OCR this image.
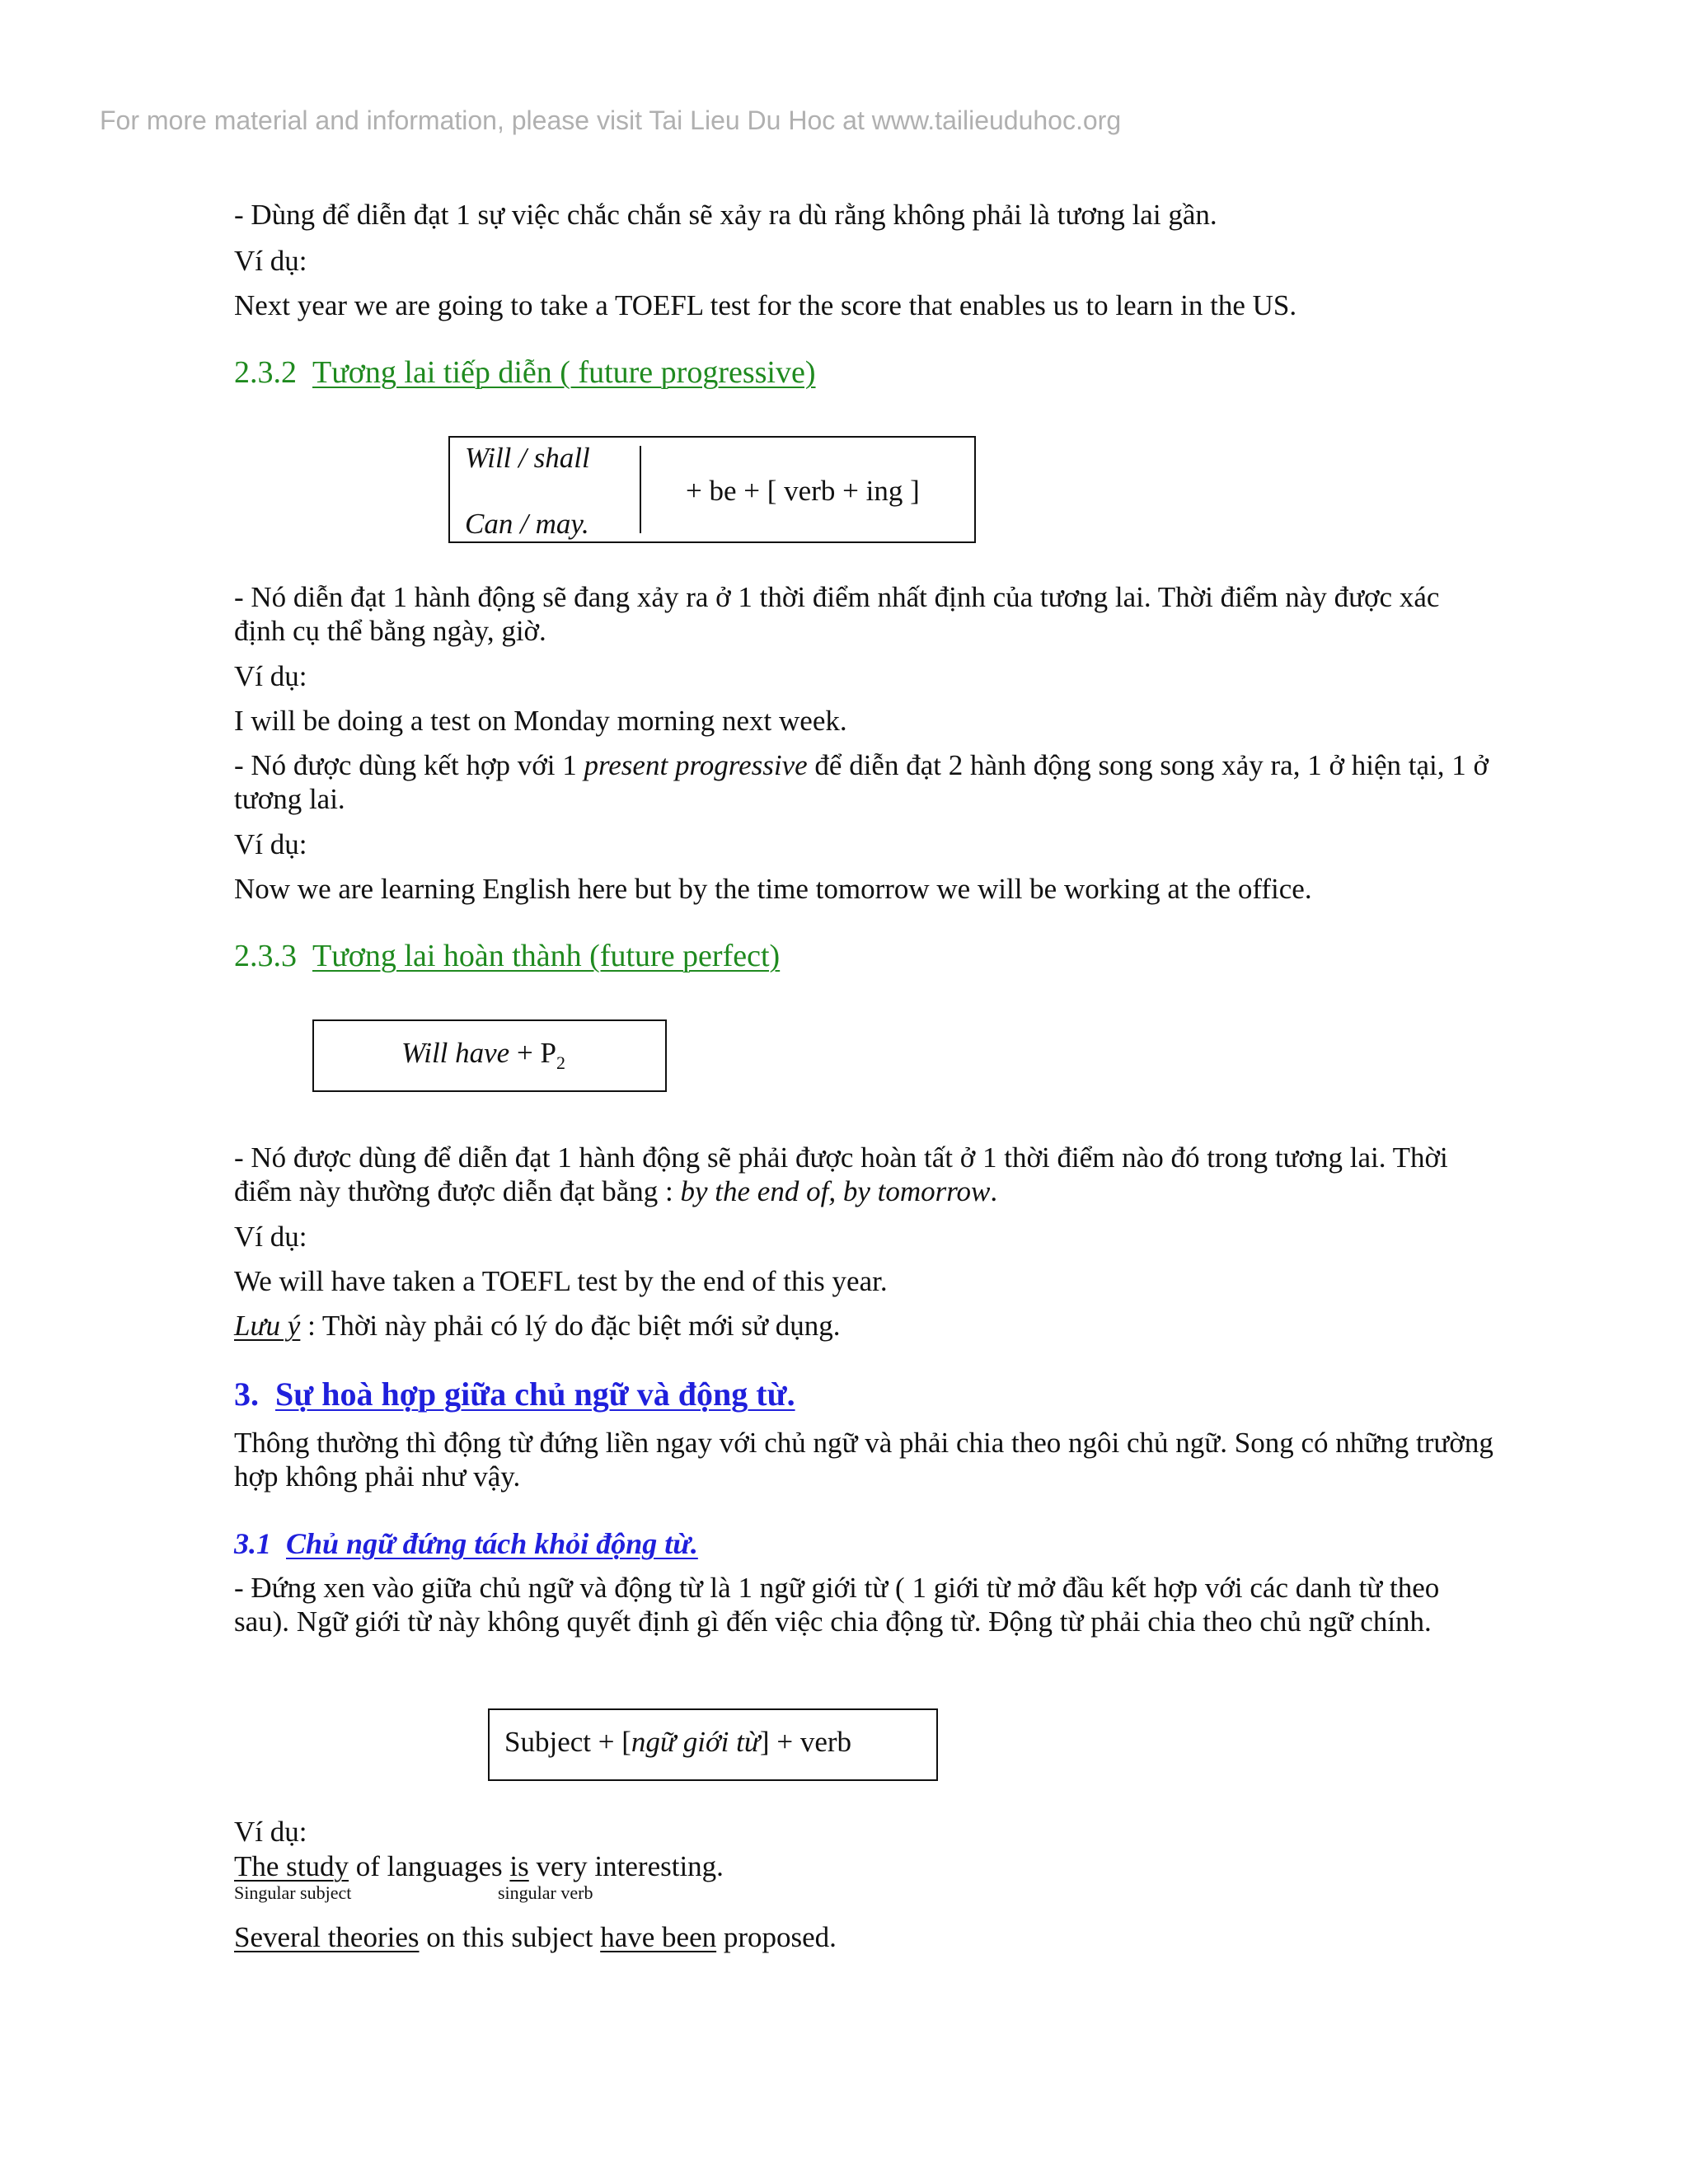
For more material and information, please visit Tai Lieu Du Hoc at www.tailieuduhoc.org
- Dùng để diễn đạt 1 sự việc chắc chắn sẽ xảy ra dù rằng không phải là tương lai gần.
Ví dụ:
Next year we are going to take a TOEFL test for the score that enables us to learn in the US.
2.3.2 Tương lai tiếp diễn ( future progressive)
Will / shall
Can / may.
+ be + [ verb + ing ]
- Nó diễn đạt 1 hành động sẽ đang xảy ra ở 1 thời điểm nhất định của tương lai. Thời điểm này được xác định cụ thể bằng ngày, giờ.
Ví dụ:
I will be doing a test on Monday morning next week.
- Nó được dùng kết hợp với 1 present progressive để diễn đạt 2 hành động song song xảy ra, 1 ở hiện tại, 1 ở tương lai.
Ví dụ:
Now we are learning English here but by the time tomorrow we will be working at the office.
2.3.3 Tương lai hoàn thành (future perfect)
Will have + $P_2$
- Nó được dùng để diễn đạt 1 hành động sẽ phải được hoàn tất ở 1 thời điểm nào đó trong tương lai. Thời điểm này thường được diễn đạt bằng : by the end of, by tomorrow.
Ví dụ:
We will have taken a TOEFL test by the end of this year.
Lưu ý : Thời này phải có lý do đặc biệt mới sử dụng.
3. Sự hoà hợp giữa chủ ngữ và động từ.
Thông thường thì động từ đứng liền ngay với chủ ngữ và phải chia theo ngôi chủ ngữ. Song có những trường hợp không phải như vậy.
3.1 Chủ ngữ đứng tách khỏi động từ.
- Đứng xen vào giữa chủ ngữ và động từ là 1 ngữ giới từ ( 1 giới từ mở đầu kết hợp với các danh từ theo sau). Ngữ giới từ này không quyết định gì đến việc chia động từ. Động từ phải chia theo chủ ngữ chính.
Subject + [ngữ giới từ] + verb
Ví dụ:
The study of languages is very interesting.
Singular subject	singular verb
Several theories on this subject have been proposed.
